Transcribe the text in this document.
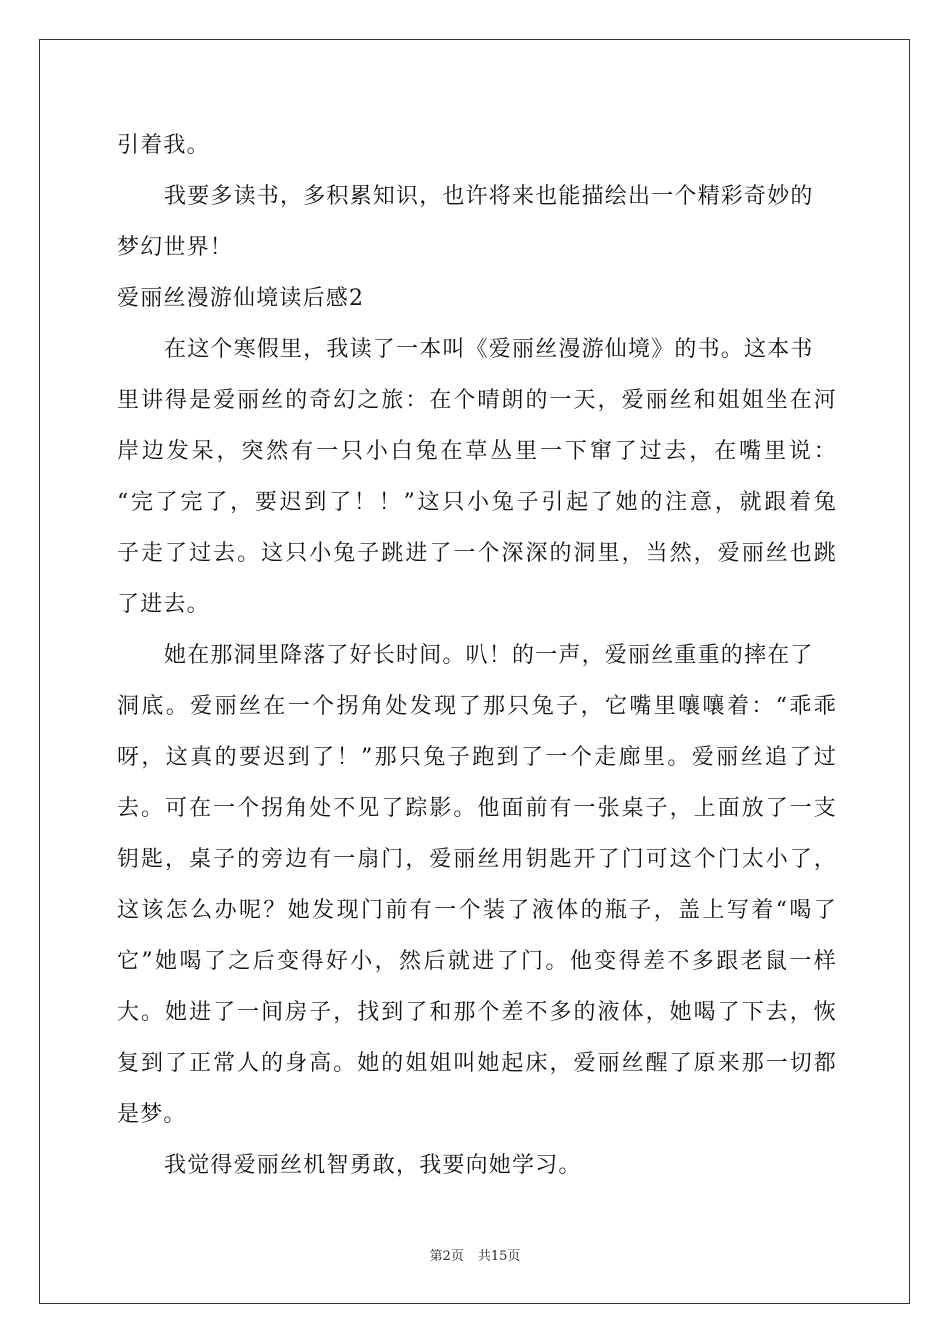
引着我。
我要多读书，多积累知识，也许将来也能描绘出一个精彩奇妙的
梦幻世界！
爱丽丝漫游仙境读后感2
在这个寒假里，我读了一本叫《爱丽丝漫游仙境》的书。这本书
里讲得是爱丽丝的奇幻之旅：在个晴朗的一天，爱丽丝和姐姐坐在河
岸边发呆，突然有一只小白兔在草丛里一下窜了过去，在嘴里说：
“完了完了，要迟到了！！”这只小兔子引起了她的注意，就跟着兔
子走了过去。这只小兔子跳进了一个深深的洞里，当然，爱丽丝也跳
了进去。
她在那洞里降落了好长时间。叭！的一声，爱丽丝重重的摔在了
洞底。爱丽丝在一个拐角处发现了那只兔子，它嘴里嚷嚷着：“乖乖
呀，这真的要迟到了！”那只兔子跑到了一个走廊里。爱丽丝追了过
去。可在一个拐角处不见了踪影。他面前有一张桌子，上面放了一支
钥匙，桌子的旁边有一扇门，爱丽丝用钥匙开了门可这个门太小了，
这该怎么办呢？她发现门前有一个装了液体的瓶子，盖上写着“喝了
它”她喝了之后变得好小，然后就进了门。他变得差不多跟老鼠一样
大。她进了一间房子，找到了和那个差不多的液体，她喝了下去，恢
复到了正常人的身高。她的姐姐叫她起床，爱丽丝醒了原来那一切都
是梦。
我觉得爱丽丝机智勇敢，我要向她学习。
第2页 共15页
